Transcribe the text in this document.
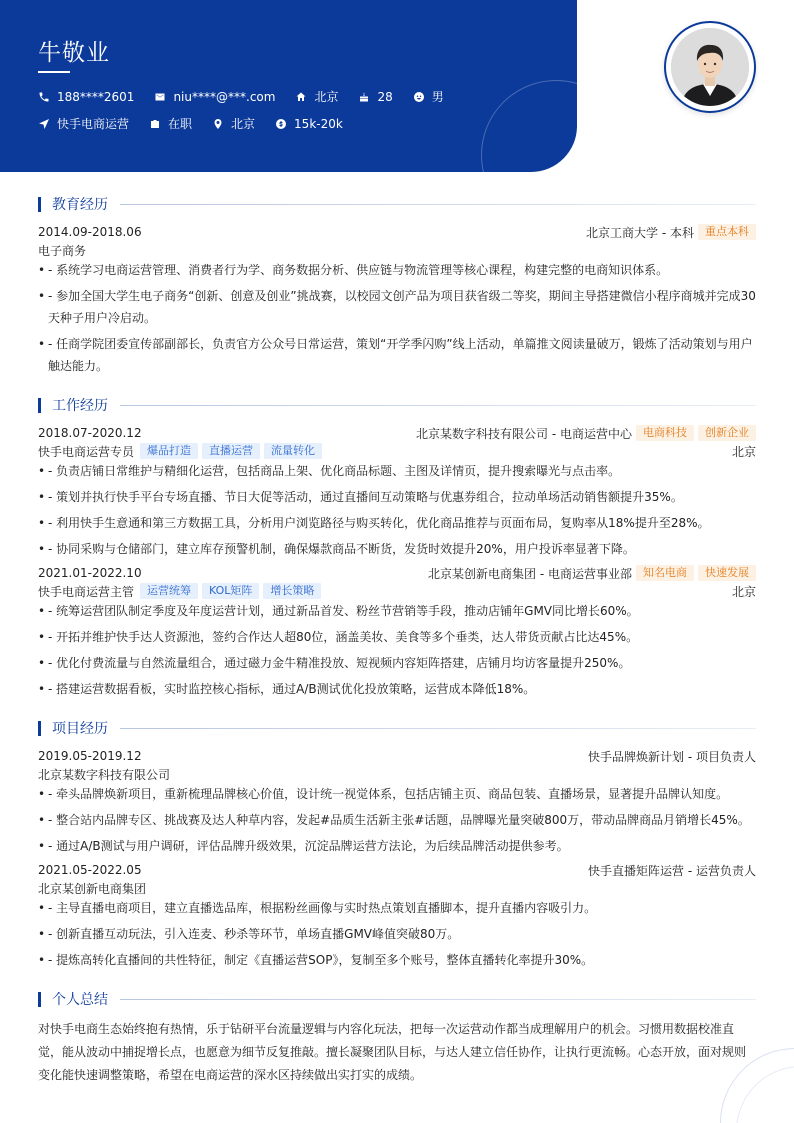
牛敬业
188****2601	niu****@***.com	北京	28	男
快手电商运营	在职	北京	15k-20k
教育经历
2014.09-2018.06	北京工商大学 - 本科	重点本科
电子商务
• - 系统学习电商运营管理、消费者行为学、商务数据分析、供应链与物流管理等核心课程，构建完整的电商知识体系。
• - 参加全国大学生电子商务“创新、创意及创业”挑战赛，以校园文创产品为项目获省级二等奖，期间主导搭建微信小程序商城并完成30天种子用户冷启动。
• - 任商学院团委宣传部副部长，负责官方公众号日常运营，策划“开学季闪购”线上活动，单篇推文阅读量破万，锻炼了活动策划与用户触达能力。
工作经历
2018.07-2020.12	北京某数字科技有限公司 - 电商运营中心	电商科技	创新企业
快手电商运营专员	爆品打造	直播运营	流量转化	北京
• - 负责店铺日常维护与精细化运营，包括商品上架、优化商品标题、主图及详情页，提升搜索曝光与点击率。
• - 策划并执行快手平台专场直播、节日大促等活动，通过直播间互动策略与优惠券组合，拉动单场活动销售额提升35%。
• - 利用快手生意通和第三方数据工具，分析用户浏览路径与购买转化，优化商品推荐与页面布局，复购率从18%提升至28%。
• - 协同采购与仓储部门，建立库存预警机制，确保爆款商品不断货，发货时效提升20%，用户投诉率显著下降。
2021.01-2022.10	北京某创新电商集团 - 电商运营事业部	知名电商	快速发展
快手电商运营主管	运营统筹	KOL矩阵	增长策略	北京
• - 统筹运营团队制定季度及年度运营计划，通过新品首发、粉丝节营销等手段，推动店铺年GMV同比增长60%。
• - 开拓并维护快手达人资源池，签约合作达人超80位，涵盖美妆、美食等多个垂类，达人带货贡献占比达45%。
• - 优化付费流量与自然流量组合，通过磁力金牛精准投放、短视频内容矩阵搭建，店铺月均访客量提升250%。
• - 搭建运营数据看板，实时监控核心指标，通过A/B测试优化投放策略，运营成本降低18%。
项目经历
2019.05-2019.12	快手品牌焕新计划 - 项目负责人
北京某数字科技有限公司
• - 牵头品牌焕新项目，重新梳理品牌核心价值，设计统一视觉体系，包括店铺主页、商品包装、直播场景，显著提升品牌认知度。
• - 整合站内品牌专区、挑战赛及达人种草内容，发起#品质生活新主张#话题，品牌曝光量突破800万，带动品牌商品月销增长45%。
• - 通过A/B测试与用户调研，评估品牌升级效果，沉淀品牌运营方法论，为后续品牌活动提供参考。
2021.05-2022.05	快手直播矩阵运营 - 运营负责人
北京某创新电商集团
• - 主导直播电商项目，建立直播选品库，根据粉丝画像与实时热点策划直播脚本，提升直播内容吸引力。
• - 创新直播互动玩法，引入连麦、秒杀等环节，单场直播GMV峰值突破80万。
• - 提炼高转化直播间的共性特征，制定《直播运营SOP》，复制至多个账号，整体直播转化率提升30%。
个人总结
对快手电商生态始终抱有热情，乐于钻研平台流量逻辑与内容化玩法，把每一次运营动作都当成理解用户的机会。习惯用数据校准直觉，能从波动中捕捉增长点，也愿意为细节反复推敲。擅长凝聚团队目标，与达人建立信任协作，让执行更流畅。心态开放，面对规则变化能快速调整策略，希望在电商运营的深水区持续做出实打实的成绩。
